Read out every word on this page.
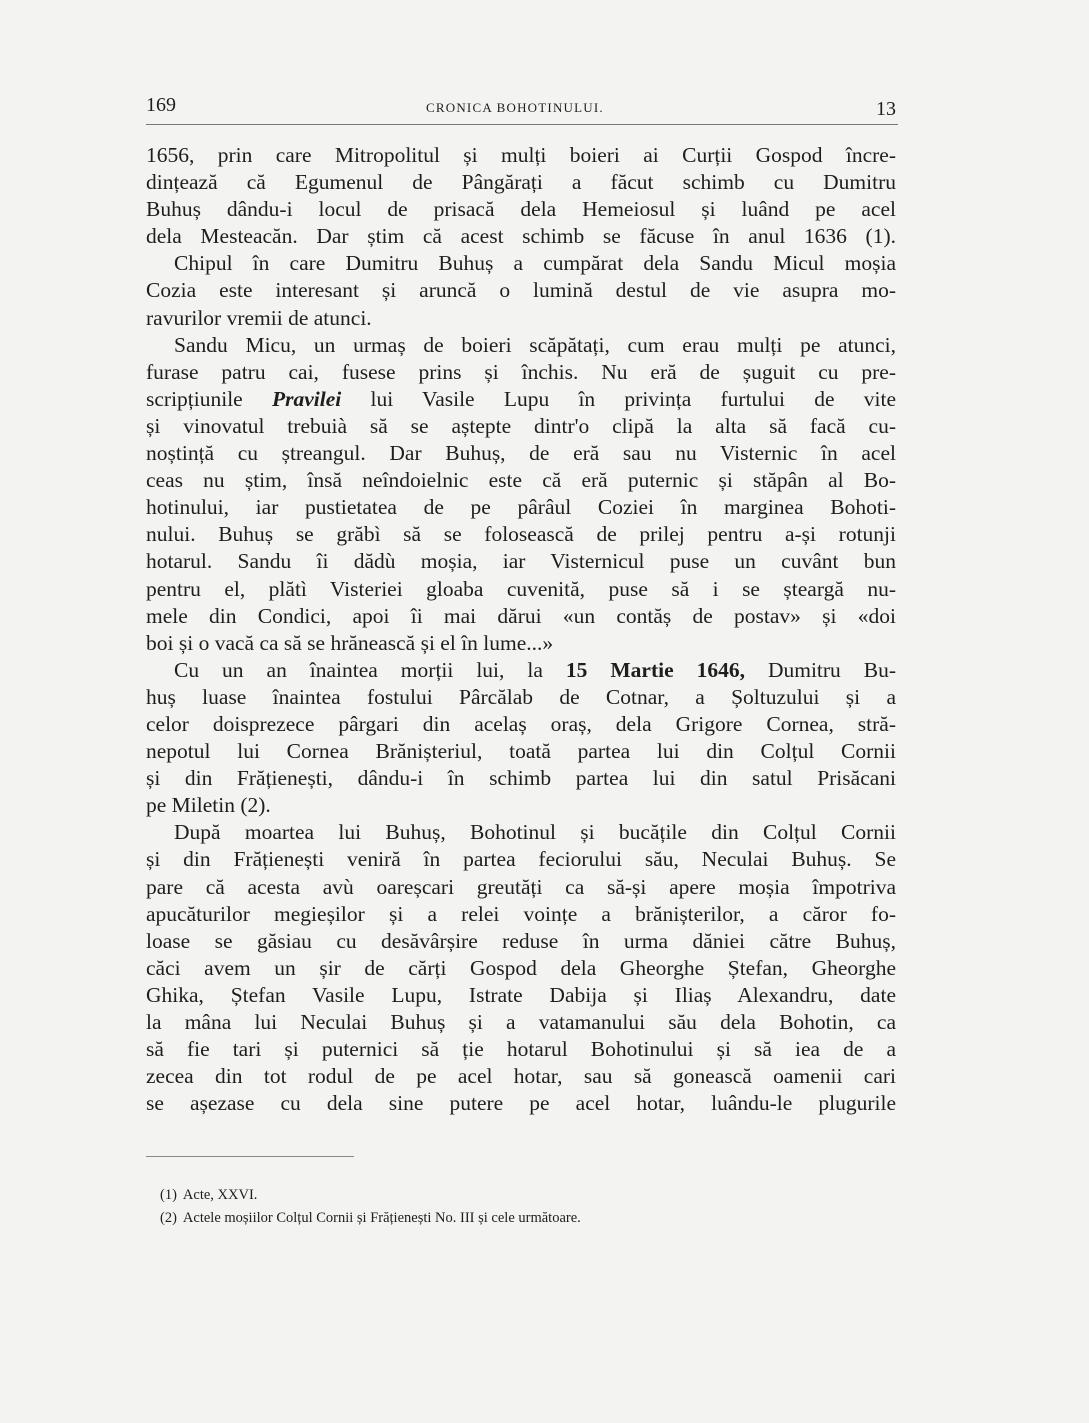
169	CRONICA BOHOTINULUI.	13
1656, prin care Mitropolitul și mulți boieri ai Curții Gospod încre-
dințează că Egumenul de Pângărați a făcut schimb cu Dumitru
Buhuș dându-i locul de prisacă dela Hemeiosul și luând pe acel
dela Mesteacăn. Dar știm că acest schimb se făcuse în anul 1636 (1).
Chipul în care Dumitru Buhuș a cumpărat dela Sandu Micul moșia
Cozia este interesant și aruncă o lumină destul de vie asupra mo-
ravurilor vremii de atunci.
Sandu Micu, un urmaș de boieri scăpătați, cum erau mulți pe atunci,
furase patru cai, fusese prins și închis. Nu eră de șuguit cu pre-
scripțiunile Pravilei lui Vasile Lupu în privința furtului de vite
și vinovatul trebuià să se aștepte dintr'o clipă la alta să facă cu-
noștință cu ștreangul. Dar Buhuș, de eră sau nu Visternic în acel
ceas nu știm, însă neîndoielnic este că eră puternic și stăpân al Bo-
hotinului, iar pustietatea de pe pârâul Coziei în marginea Bohoti-
nului. Buhuș se grăbì să se folosească de prilej pentru a-și rotunji
hotarul. Sandu îi dădù moșia, iar Visternicul puse un cuvânt bun
pentru el, plătì Visteriei gloaba cuvenită, puse să i se șteargă nu-
mele din Condici, apoi îi mai dărui «un contăș de postav» și «doi
boi și o vacă ca să se hrănească și el în lume...»
Cu un an înaintea morții lui, la 15 Martie 1646, Dumitru Bu-
huș luase înaintea fostului Pârcălab de Cotnar, a Șoltuzului și a
celor doisprezece pârgari din acelaș oraș, dela Grigore Cornea, stră-
nepotul lui Cornea Brănișteriul, toată partea lui din Colțul Cornii
și din Frățienești, dându-i în schimb partea lui din satul Prisăcani
pe Miletin (2).
După moartea lui Buhuș, Bohotinul și bucățile din Colțul Cornii
și din Frățienești veniră în partea feciorului său, Neculai Buhuș. Se
pare că acesta avù oareșcari greutăți ca să-și apere moșia împotriva
apucăturilor megieșilor și a relei voințe a brănișterilor, a căror fo-
loase se găsiau cu desăvârșire reduse în urma dăniei către Buhuș,
căci avem un șir de cărți Gospod dela Gheorghe Ștefan, Gheorghe
Ghika, Ștefan Vasile Lupu, Istrate Dabija și Iliaș Alexandru, date
la mâna lui Neculai Buhuș și a vatamanului său dela Bohotin, ca
să fie tari și puternici să ție hotarul Bohotinului și să iea de a
zecea din tot rodul de pe acel hotar, sau să gonească oamenii cari
se așezase cu dela sine putere pe acel hotar, luându-le plugurile
(1) Acte, XXVI.
(2) Actele moșiilor Colțul Cornii și Frățienești No. III și cele următoare.
